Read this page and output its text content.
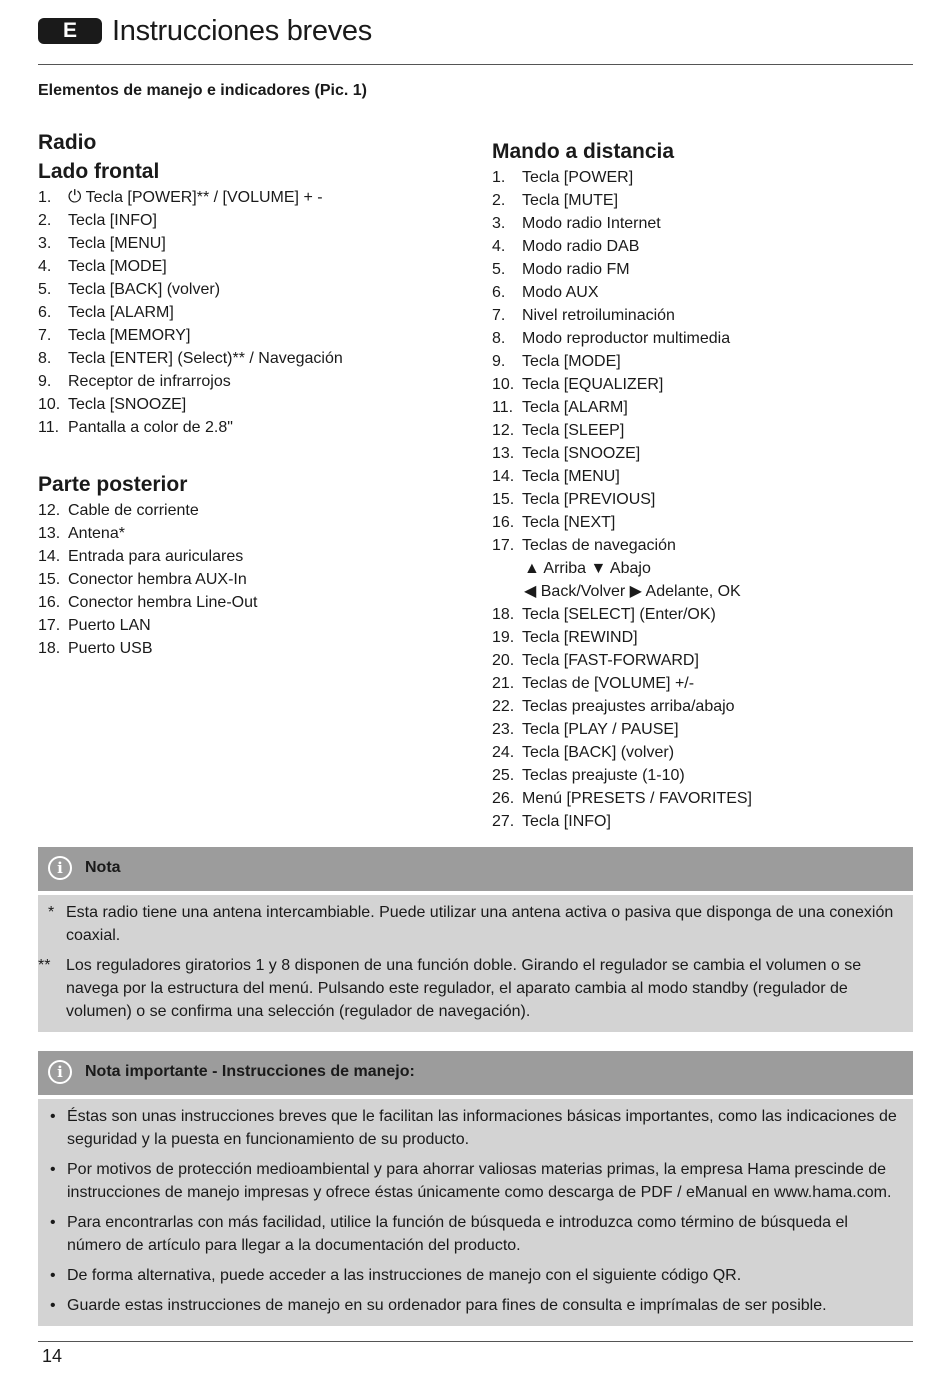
E	Instrucciones breves
Elementos de manejo e indicadores (Pic. 1)
Radio
Lado frontal
1. ⏻ Tecla [POWER]** / [VOLUME] + -
2.	Tecla [INFO]
3.	Tecla [MENU]
4.	Tecla [MODE]
5.	Tecla [BACK] (volver)
6.	Tecla [ALARM]
7.	Tecla [MEMORY]
8.	Tecla [ENTER] (Select)** / Navegación
9.	Receptor de infrarrojos
10. Tecla [SNOOZE]
11. Pantalla a color de 2.8"
Parte posterior
12. Cable de corriente
13. Antena*
14. Entrada para auriculares
15. Conector hembra AUX-In
16. Conector hembra Line-Out
17. Puerto LAN
18. Puerto USB
Mando a distancia
1.	Tecla [POWER]
2.	Tecla [MUTE]
3.	Modo radio Internet
4.	Modo radio DAB
5.	Modo radio FM
6.	Modo AUX
7.	Nivel retroiluminación
8.	Modo reproductor multimedia
9.	Tecla [MODE]
10. Tecla [EQUALIZER]
11. Tecla [ALARM]
12. Tecla [SLEEP]
13. Tecla [SNOOZE]
14. Tecla [MENU]
15. Tecla [PREVIOUS]
16. Tecla [NEXT]
17. Teclas de navegación
▲ Arriba ▼ Abajo
◀ Back/Volver ▶ Adelante, OK
18. Tecla [SELECT] (Enter/OK)
19. Tecla [REWIND]
20. Tecla [FAST-FORWARD]
21. Teclas de [VOLUME] +/-
22. Teclas preajustes arriba/abajo
23. Tecla [PLAY / PAUSE]
24. Tecla [BACK] (volver)
25. Teclas preajuste (1-10)
26. Menú [PRESETS / FAVORITES]
27. Tecla [INFO]
i	Nota
* Esta radio tiene una antena intercambiable. Puede utilizar una antena activa o pasiva que disponga de una conexión coaxial.
** Los reguladores giratorios 1 y 8 disponen de una función doble. Girando el regulador se cambia el volumen o se navega por la estructura del menú. Pulsando este regulador, el aparato cambia al modo standby (regulador de volumen) o se confirma una selección (regulador de navegación).
i	Nota importante - Instrucciones de manejo:
• Éstas son unas instrucciones breves que le facilitan las informaciones básicas importantes, como las indicaciones de seguridad y la puesta en funcionamiento de su producto.
• Por motivos de protección medioambiental y para ahorrar valiosas materias primas, la empresa Hama prescinde de instrucciones de manejo impresas y ofrece éstas únicamente como descarga de PDF / eManual en www.hama.com.
• Para encontrarlas con más facilidad, utilice la función de búsqueda e introduzca como término de búsqueda el número de artículo para llegar a la documentación del producto.
• De forma alternativa, puede acceder a las instrucciones de manejo con el siguiente código QR.
• Guarde estas instrucciones de manejo en su ordenador para fines de consulta e imprímalas de ser posible.
14
